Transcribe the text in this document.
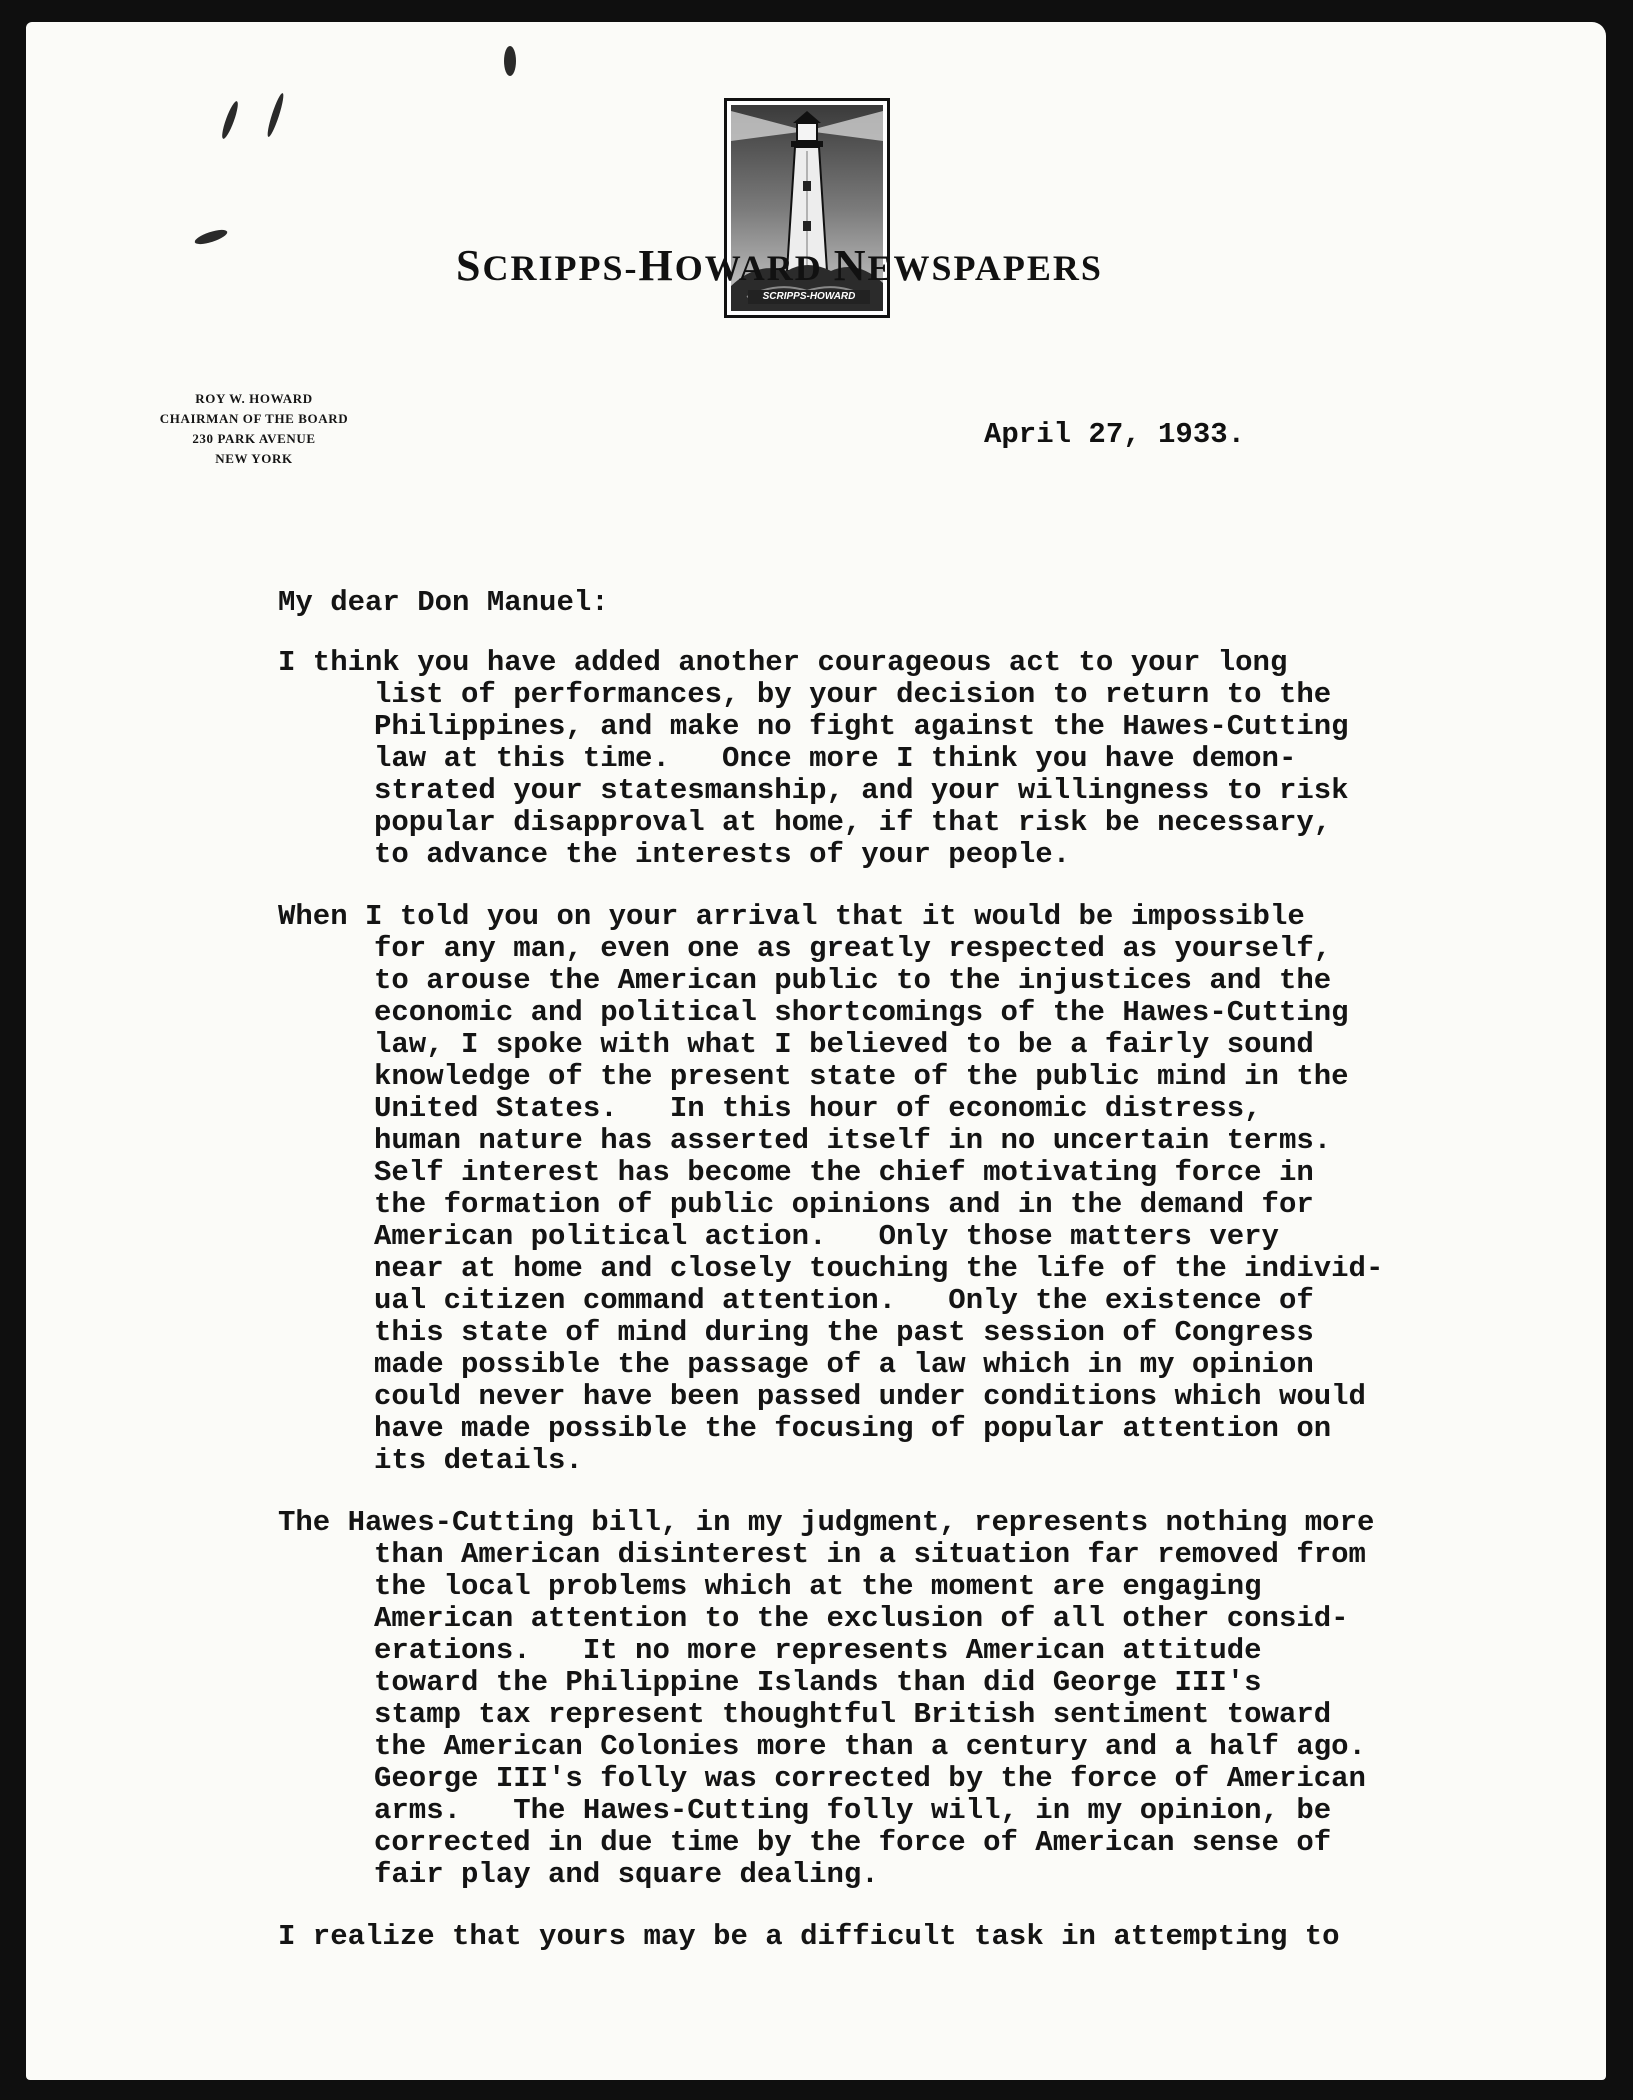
SCRIPPS-HOWARD
SCRIPPS-HOWARD NEWSPAPERS
ROY W. HOWARD
CHAIRMAN OF THE BOARD
230 PARK AVENUE
NEW YORK
April 27, 1933.
My dear Don Manuel:
I think you have added another courageous act to your long
list of performances, by your decision to return to the
Philippines, and make no fight against the Hawes-Cutting
law at this time.   Once more I think you have demon-
strated your statesmanship, and your willingness to risk
popular disapproval at home, if that risk be necessary,
to advance the interests of your people.
When I told you on your arrival that it would be impossible
for any man, even one as greatly respected as yourself,
to arouse the American public to the injustices and the
economic and political shortcomings of the Hawes-Cutting
law, I spoke with what I believed to be a fairly sound
knowledge of the present state of the public mind in the
United States.   In this hour of economic distress,
human nature has asserted itself in no uncertain terms.
Self interest has become the chief motivating force in
the formation of public opinions and in the demand for
American political action.   Only those matters very
near at home and closely touching the life of the individ-
ual citizen command attention.   Only the existence of
this state of mind during the past session of Congress
made possible the passage of a law which in my opinion
could never have been passed under conditions which would
have made possible the focusing of popular attention on
its details.
The Hawes-Cutting bill, in my judgment, represents nothing more
than American disinterest in a situation far removed from
the local problems which at the moment are engaging
American attention to the exclusion of all other consid-
erations.   It no more represents American attitude
toward the Philippine Islands than did George III's
stamp tax represent thoughtful British sentiment toward
the American Colonies more than a century and a half ago.
George III's folly was corrected by the force of American
arms.   The Hawes-Cutting folly will, in my opinion, be
corrected in due time by the force of American sense of
fair play and square dealing.
I realize that yours may be a difficult task in attempting to
